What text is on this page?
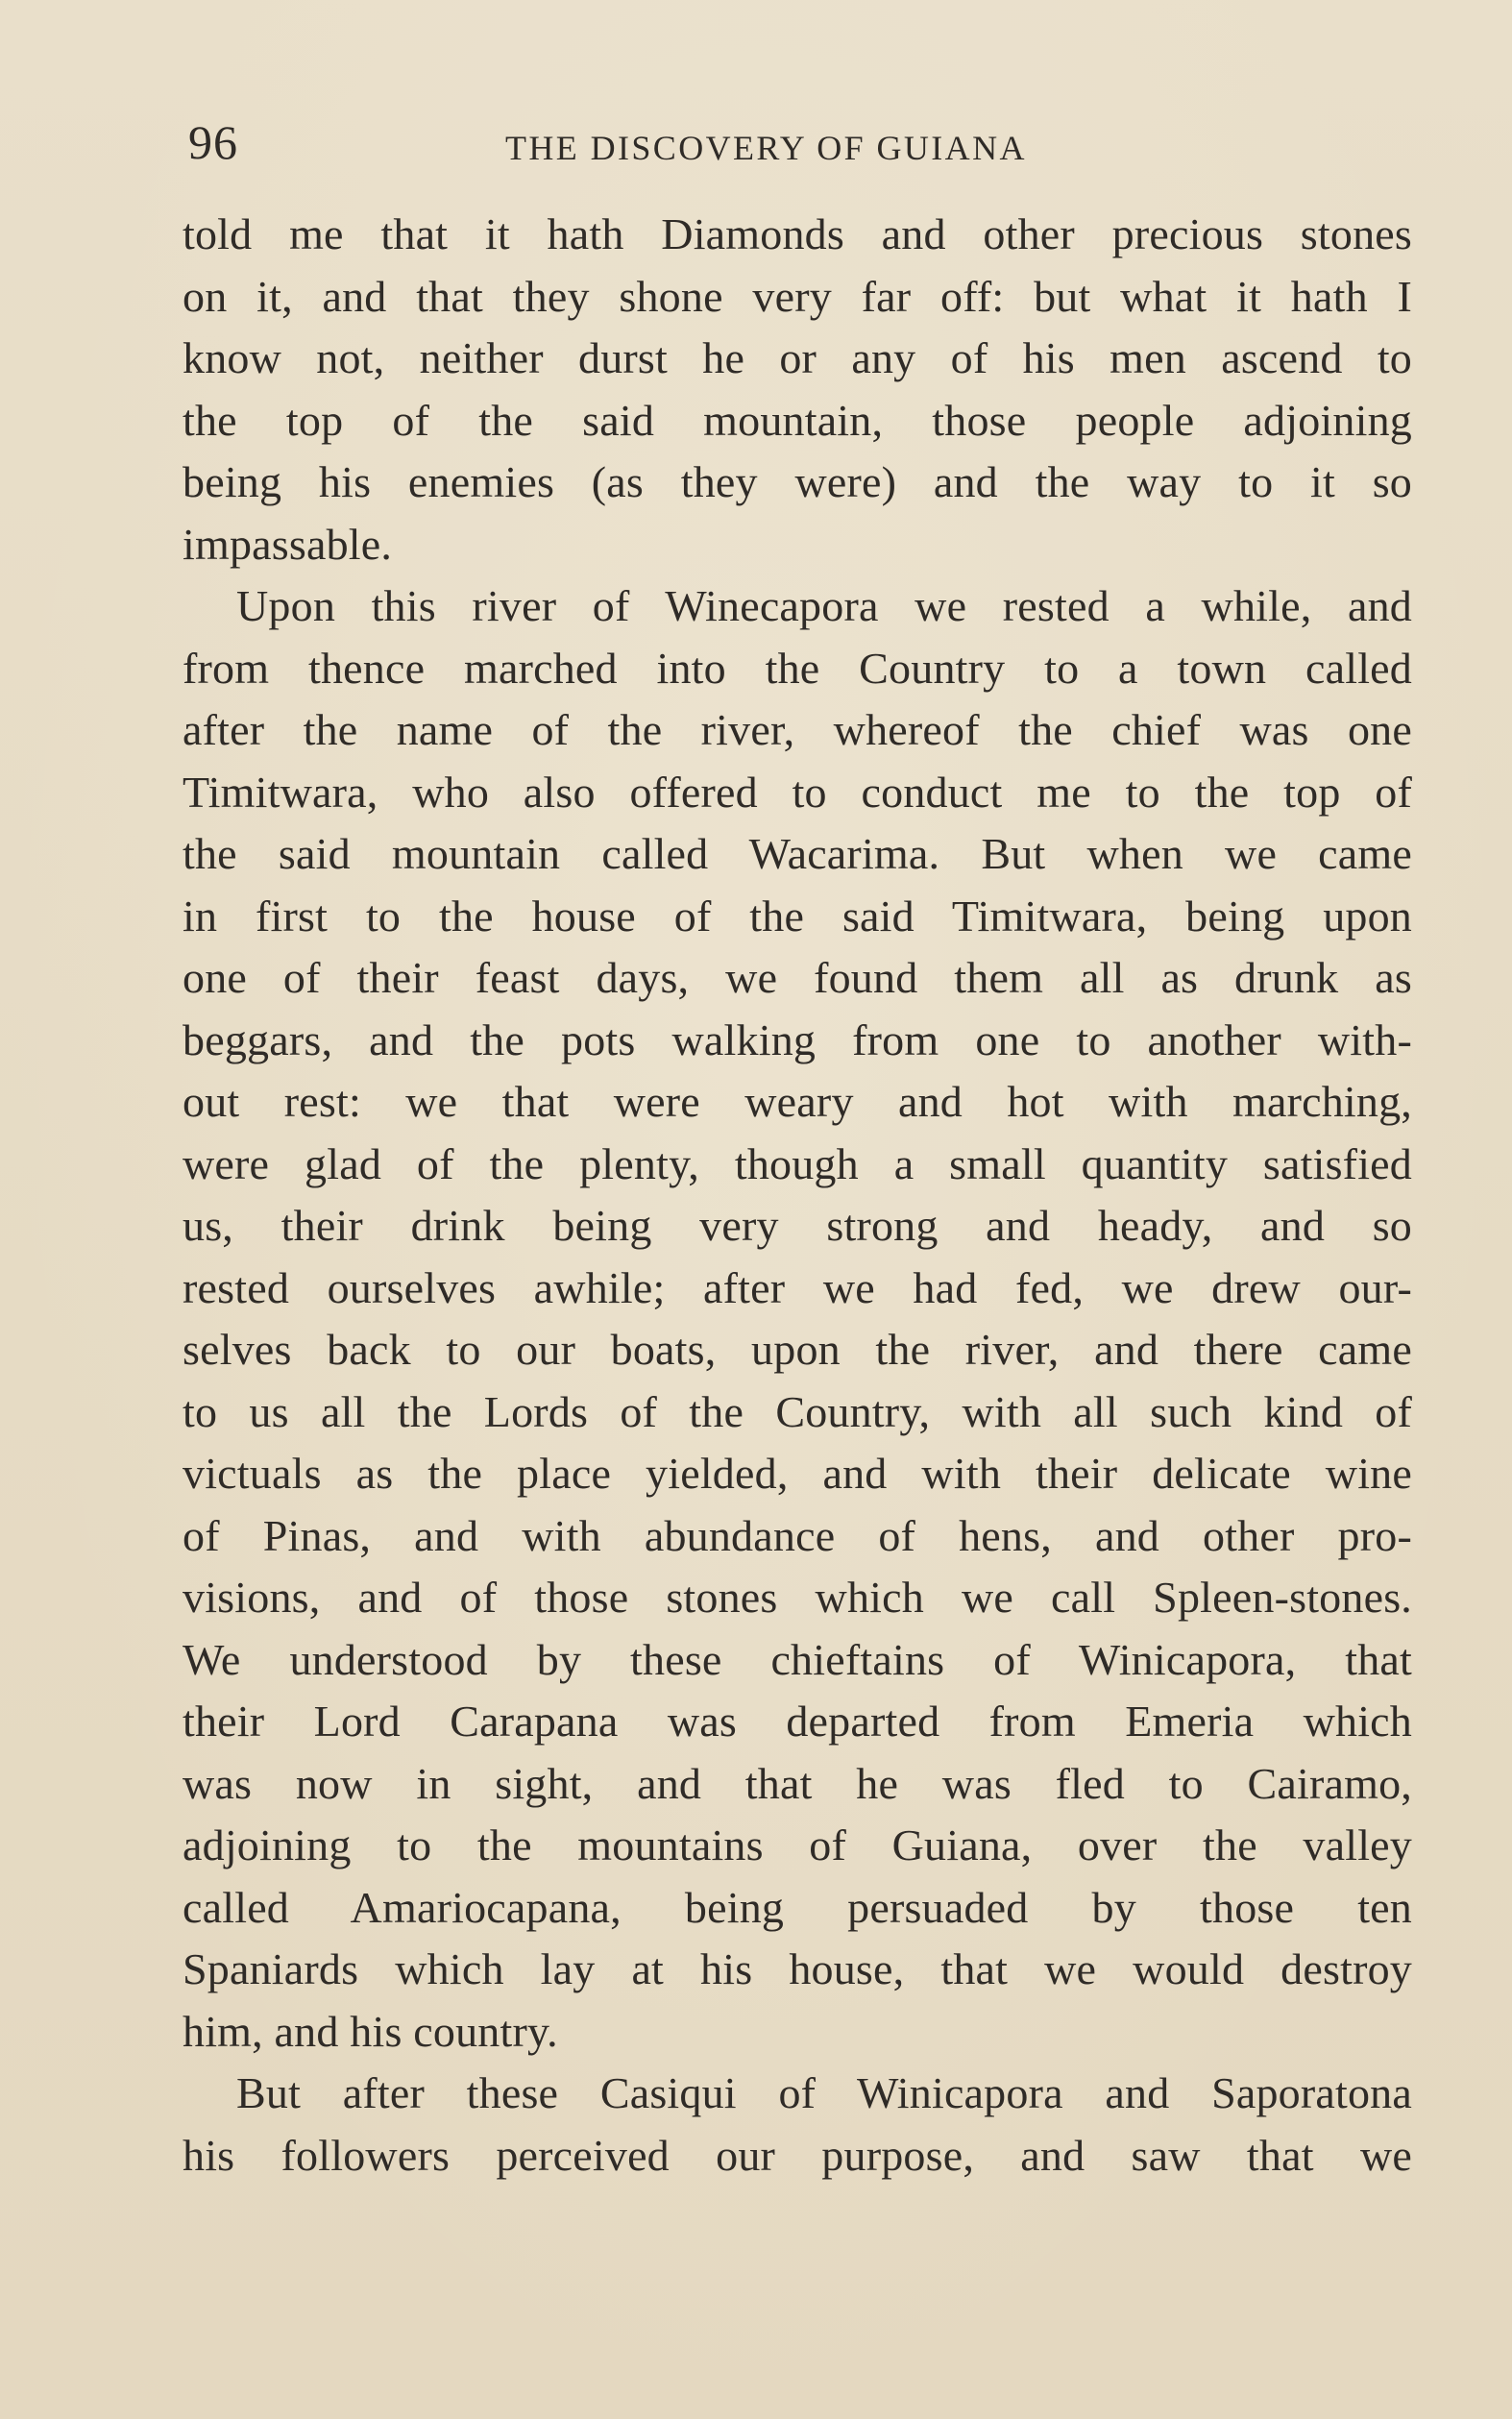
96	THE DISCOVERY OF GUIANA
told me that it hath Diamonds and other precious stones
on it, and that they shone very far off: but what it hath I
know not, neither durst he or any of his men ascend to
the top of the said mountain, those people adjoining
being his enemies (as they were) and the way to it so
impassable.
Upon this river of Winecapora we rested a while, and
from thence marched into the Country to a town called
after the name of the river, whereof the chief was one
Timitwara, who also offered to conduct me to the top of
the said mountain called Wacarima. But when we came
in first to the house of the said Timitwara, being upon
one of their feast days, we found them all as drunk as
beggars, and the pots walking from one to another with-
out rest: we that were weary and hot with marching,
were glad of the plenty, though a small quantity satisfied
us, their drink being very strong and heady, and so
rested ourselves awhile; after we had fed, we drew our-
selves back to our boats, upon the river, and there came
to us all the Lords of the Country, with all such kind of
victuals as the place yielded, and with their delicate wine
of Pinas, and with abundance of hens, and other pro-
visions, and of those stones which we call Spleen-stones.
We understood by these chieftains of Winicapora, that
their Lord Carapana was departed from Emeria which
was now in sight, and that he was fled to Cairamo,
adjoining to the mountains of Guiana, over the valley
called Amariocapana, being persuaded by those ten
Spaniards which lay at his house, that we would destroy
him, and his country.
But after these Casiqui of Winicapora and Saporatona
his followers perceived our purpose, and saw that we
